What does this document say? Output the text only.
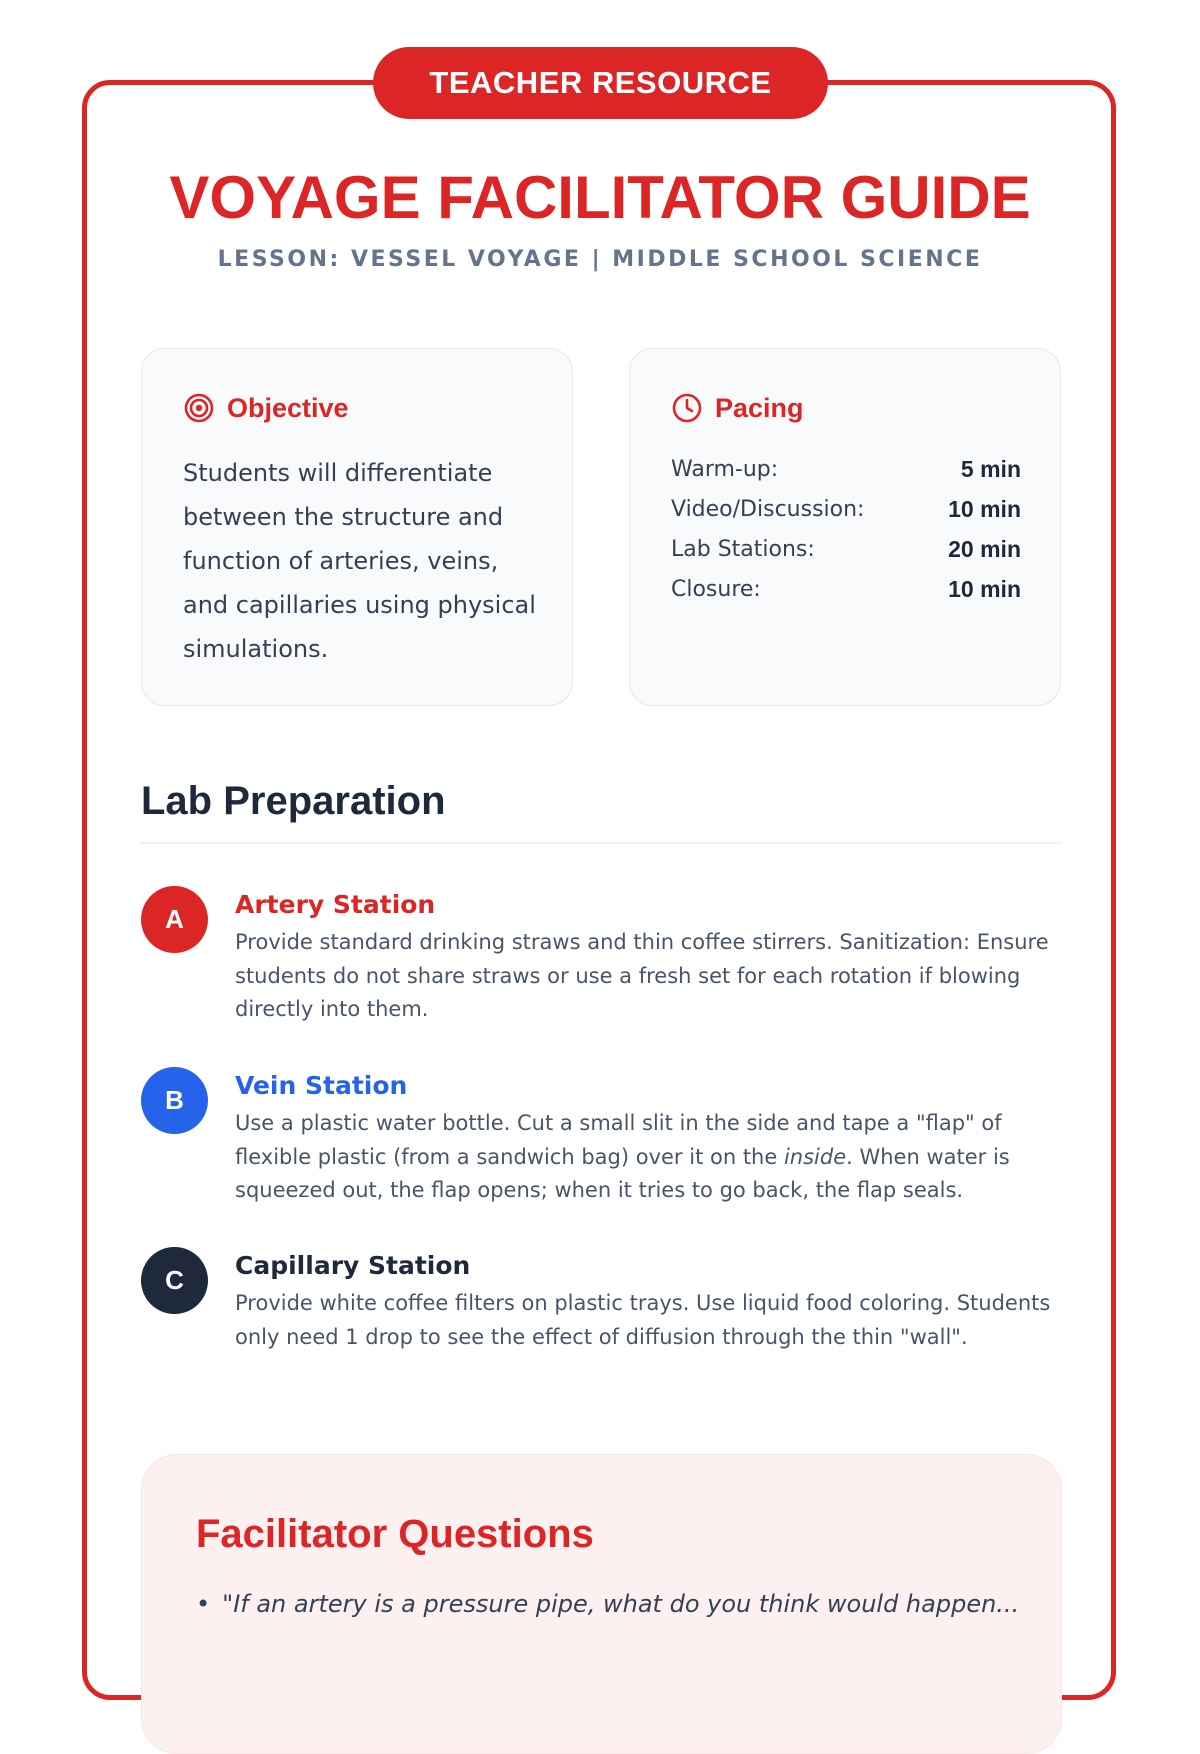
TEACHER RESOURCE
VOYAGE FACILITATOR GUIDE
LESSON: VESSEL VOYAGE | MIDDLE SCHOOL SCIENCE
Objective

Students will differentiate between the structure and function of arteries, veins, and capillaries using physical simulations.

Pacing
Warm-up:	5 min
Video/Discussion:	10 min
Lab Stations:	20 min
Closure:	10 min
Lab Preparation
A	Artery Station

Provide standard drinking straws and thin coffee stirrers. Sanitization: Ensure students do not share straws or use a fresh set for each rotation if blowing directly into them.

B	Vein Station

Use a plastic water bottle. Cut a small slit in the side and tape a "flap" of flexible plastic (from a sandwich bag) over it on the inside. When water is squeezed out, the flap opens; when it tries to go back, the flap seals.

C	Capillary Station

Provide white coffee filters on plastic trays. Use liquid food coloring. Students only need 1 drop to see the effect of diffusion through the thin "wall".

Facilitator Questions

• "If an artery is a pressure pipe, what do you think would happen...
